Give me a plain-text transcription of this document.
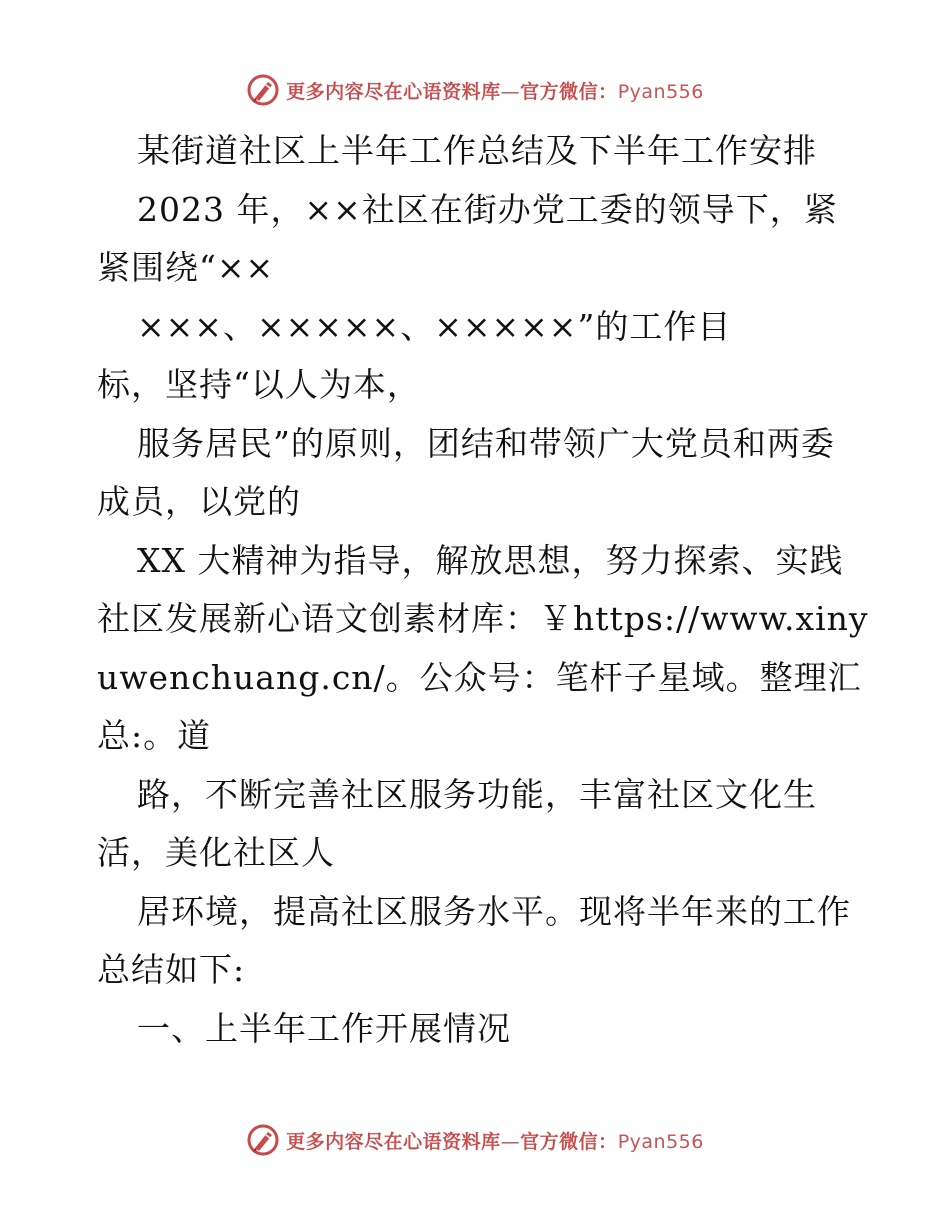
更多内容尽在心语资料库—官方微信：Pyan556
某街道社区上半年工作总结及下半年工作安排
2023 年，××社区在街办党工委的领导下，紧
紧围绕“××
×××、×××××、×××××”的工作目
标，坚持“以人为本，
服务居民”的原则，团结和带领广大党员和两委
成员，以党的
XX 大精神为指导，解放思想，努力探索、实践
社区发展新心语文创素材库：￥https://www.xiny
uwenchuang.cn/。公众号：笔杆子星域。整理汇
总:。道
路，不断完善社区服务功能，丰富社区文化生
活，美化社区人
居环境，提高社区服务水平。现将半年来的工作
总结如下:
一、上半年工作开展情况
更多内容尽在心语资料库—官方微信：Pyan556
